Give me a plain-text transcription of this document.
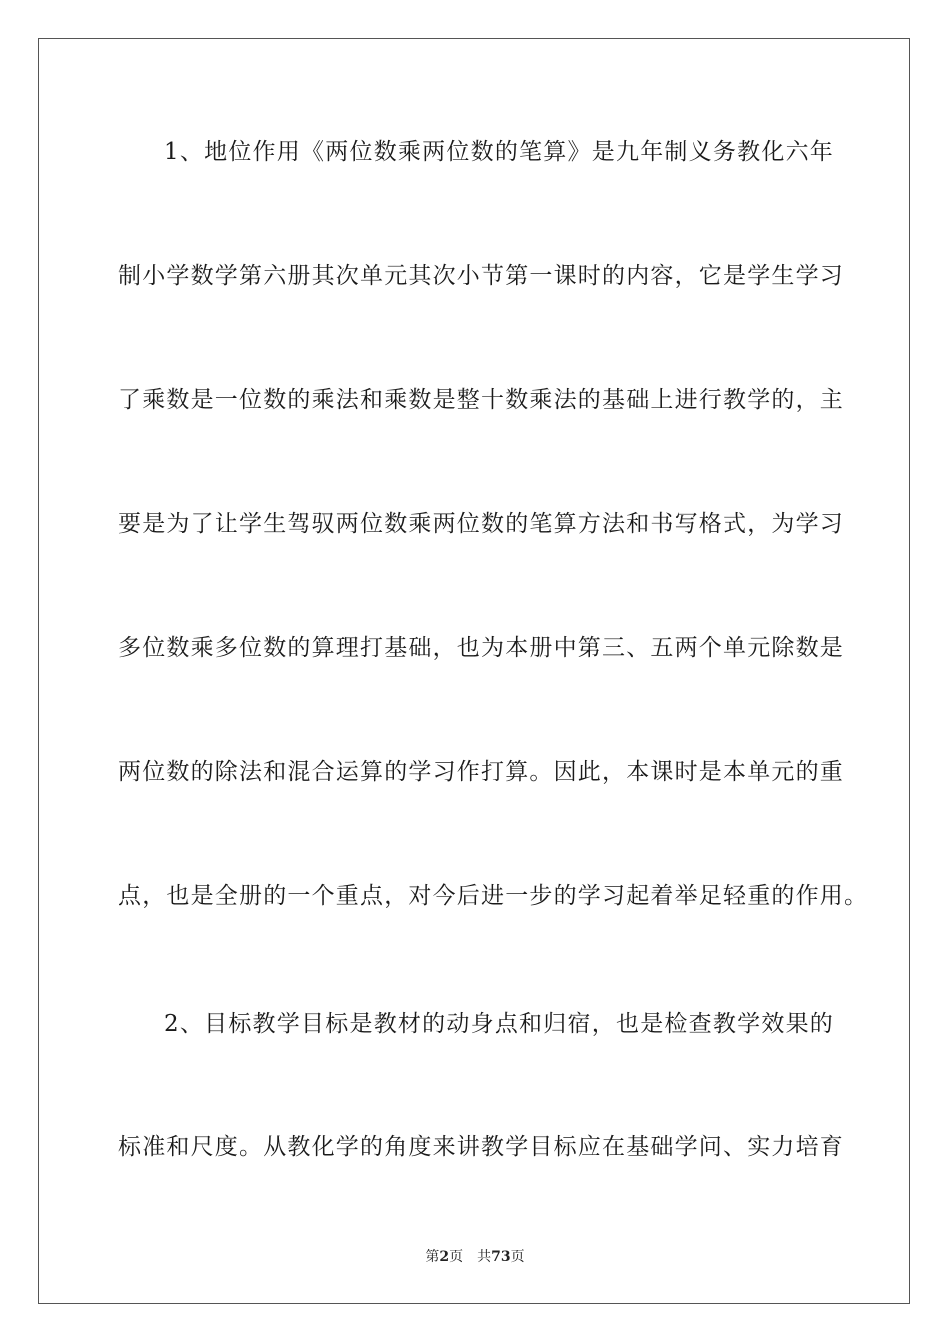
1、地位作用《两位数乘两位数的笔算》是九年制义务教化六年
制小学数学第六册其次单元其次小节第一课时的内容，它是学生学习
了乘数是一位数的乘法和乘数是整十数乘法的基础上进行教学的，主
要是为了让学生驾驭两位数乘两位数的笔算方法和书写格式，为学习
多位数乘多位数的算理打基础，也为本册中第三、五两个单元除数是
两位数的除法和混合运算的学习作打算。因此，本课时是本单元的重
点，也是全册的一个重点，对今后进一步的学习起着举足轻重的作用。
2、目标教学目标是教材的动身点和归宿，也是检查教学效果的
标准和尺度。从教化学的角度来讲教学目标应在基础学问、实力培育
第2页 共73页
